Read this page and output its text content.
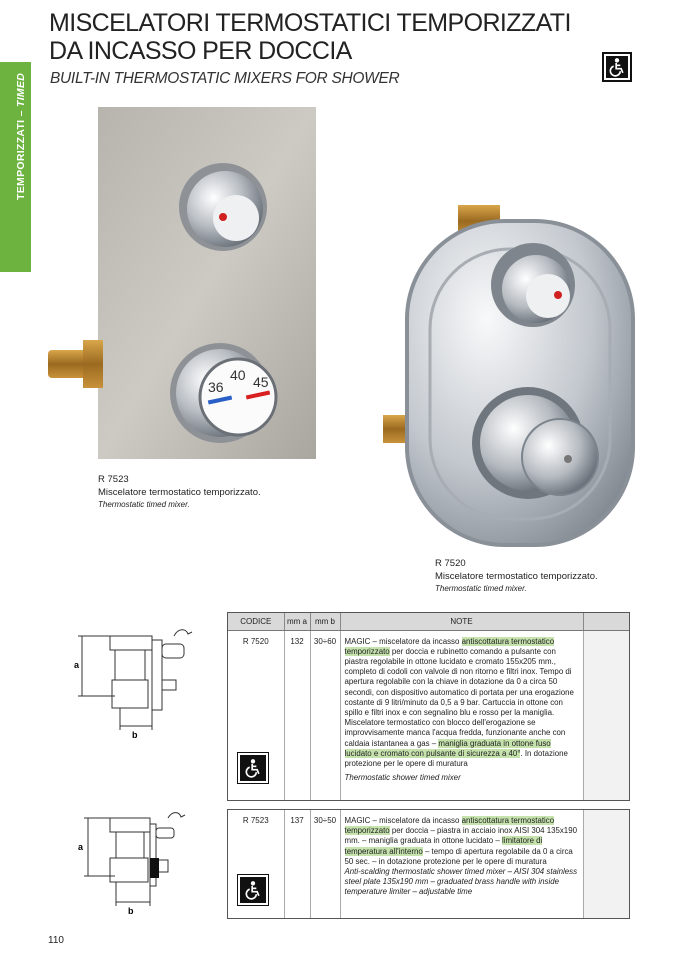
TEMPORIZZATI – TIMED
MISCELATORI TERMOSTATICI TEMPORIZZATI
DA INCASSO PER DOCCIA
BUILT-IN THERMOSTATIC MIXERS FOR SHOWER
36
40 45
R 7523
Miscelatore termostatico temporizzato.
Thermostatic timed mixer.
R 7520
Miscelatore termostatico temporizzato.
Thermostatic timed mixer.
a
b
a
b
CODICE	mm a	mm b	NOTE	
R 7520	132	30÷60	MAGIC – miscelatore da incasso antiscottatura termostatico temporizzato per doccia e rubinetto comando a pulsante con piastra regolabile in ottone lucidato e cromato 155x205 mm., completo di codoli con valvole di non ritorno e filtri inox. Tempo di apertura regolabile con la chiave in dotazione da 0 a circa 50 secondi, con dispositivo automatico di portata per una erogazione costante di 9 litri/minuto da 0,5 a 9 bar. Cartuccia in ottone con spillo e filtri inox e con segnalino blu e rosso per la maniglia. Miscelatore termostatico con blocco dell'erogazione se improvvisamente manca l'acqua fredda, funzionante anche con caldaia istantanea a gas – maniglia graduata in ottone fuso lucidato e cromato con pulsante di sicurezza a 40°. In dotazione protezione per le opere di muratura
Thermostatic shower timed mixer	

R 7523	137	30÷50	MAGIC – miscelatore da incasso antiscottatura termostatico temporizzato per doccia – piastra in acciaio inox AISI 304 135x190 mm. – maniglia graduata in ottone lucidato – limitatore di temperatura all'interno – tempo di apertura regolabile da 0 a circa 50 sec. – in dotazione protezione per le opere di muratura
Anti-scalding thermostatic shower timed mixer – AISI 304 stainless steel plate 135x190 mm – graduated brass handle with inside temperature limiter – adjustable time	
110
